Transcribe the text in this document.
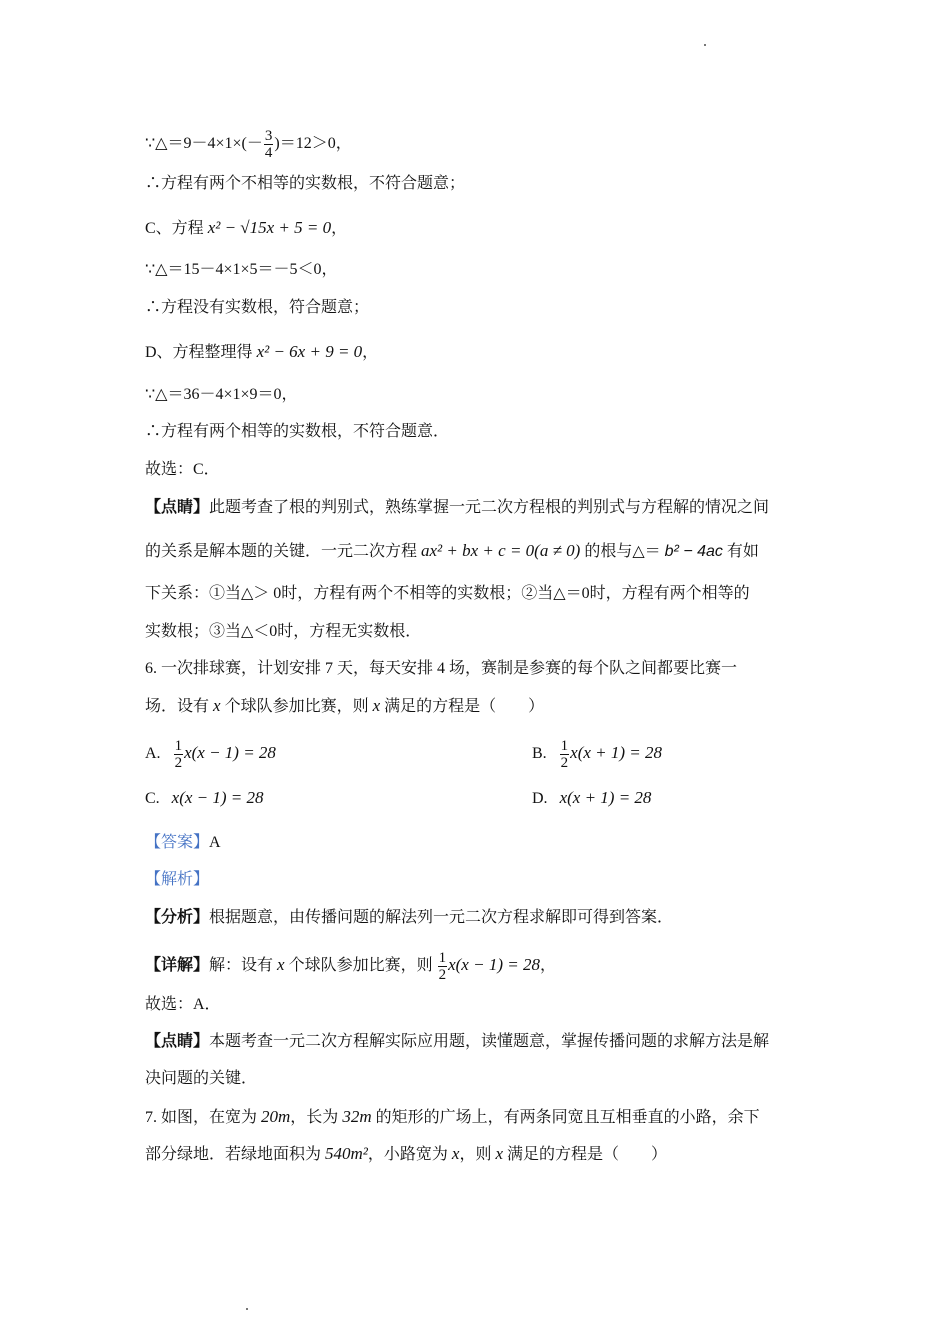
∵△＝9－4×1×(－ $\frac{3}{4} )=12>0$，
∴方程有两个不相等的实数根，不符合题意；
C、方程 x² − √15x + 5 = 0，
∵△＝15－4×1×5＝－5＜0，
∴方程没有实数根，符合题意；
D、方程整理得 x² − 6x + 9 = 0，
∵△＝36－4×1×9＝0，
∴方程有两个相等的实数根，不符合题意．
故选：C．
【点睛】此题考查了根的判别式，熟练掌握一元二次方程根的判别式与方程解的情况之间
的关系是解本题的关键．一元二次方程 ax² + bx + c = 0(a ≠ 0) 的根与△＝ b² − 4ac 有如
下关系：①当△＞ 0时，方程有两个不相等的实数根；②当△＝0时，方程有两个相等的
实数根；③当△＜0时，方程无实数根．
6. 一次排球赛，计划安排 7 天，每天安排 4 场，赛制是参赛的每个队之间都要比赛一
场．设有 x 个球队参加比赛，则 x 满足的方程是（　　）
【答案】A
【解析】
【分析】根据题意，由传播问题的解法列一元二次方程求解即可得到答案．
【详解】解：设有 x 个球队参加比赛，则 $\frac{1}{2} x(x - 1) = 28$，
故选：A．
【点睛】本题考查一元二次方程解实际应用题，读懂题意，掌握传播问题的求解方法是解
决问题的关键．
7. 如图，在宽为 20m，长为 32m 的矩形的广场上，有两条同宽且互相垂直的小路，余下
部分绿地．若绿地面积为 540m²，小路宽为 x，则 x 满足的方程是（　　）
A. $\frac{1}{2} x(x - 1) = 28$	B. $\frac{1}{2} x(x + 1) = 28$
C. x(x − 1) = 28	D. x(x + 1) = 28
